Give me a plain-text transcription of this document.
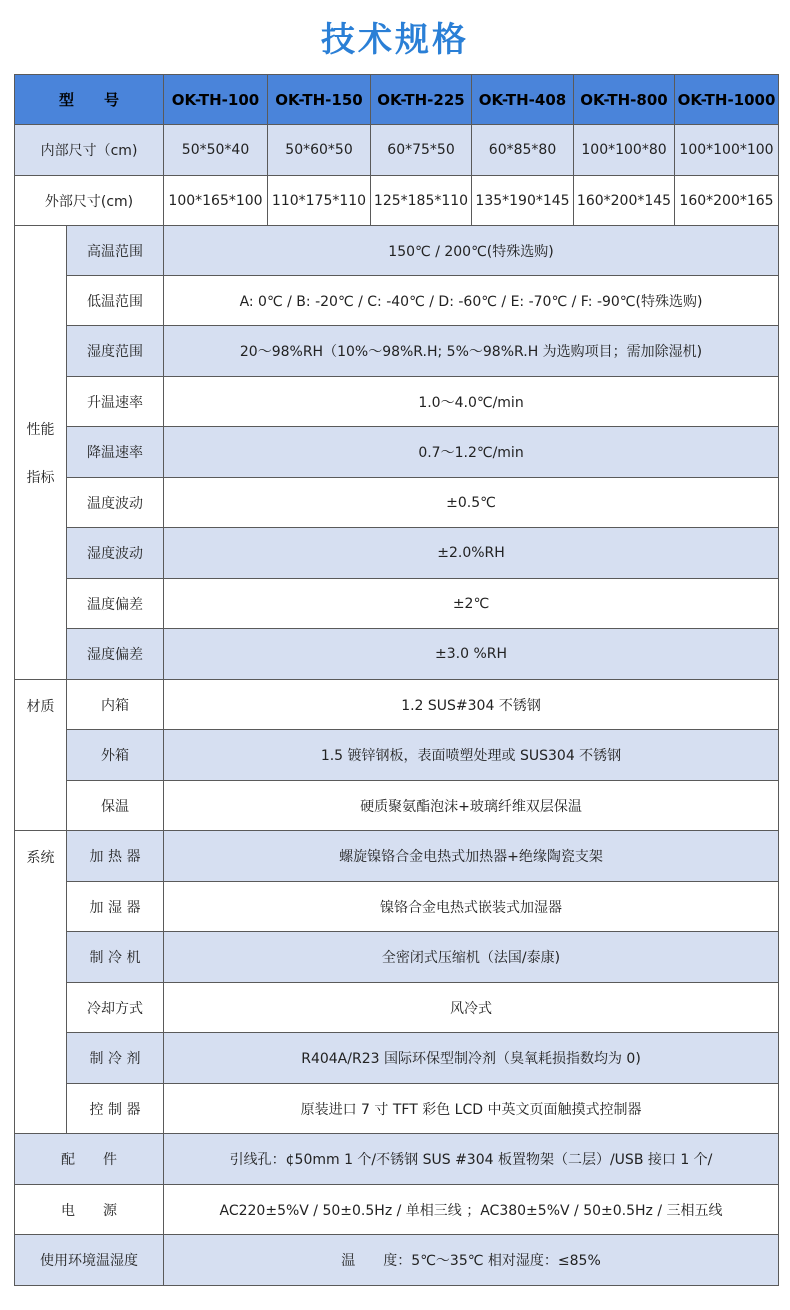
技术规格
型　　号		OK-TH-100	OK-TH-150	OK-TH-225	OK-TH-408	OK-TH-800	OK-TH-1000
内部尺寸（cm)		50*50*40	50*60*50	60*75*50	60*85*80	100*100*80	100*100*100
外部尺寸(cm)		100*165*100	110*175*110	125*185*110	135*190*145	160*200*145	160*200*165

性能
指标	高温范围	150℃ / 200℃(特殊选购)					
	低温范围	A: 0℃ / B: -20℃ / C: -40℃ / D: -60℃ / E: -70℃ / F: -90℃(特殊选购)					
	湿度范围	20～98%RH（10%～98%R.H; 5%～98%R.H 为选购项目；需加除湿机)					
	升温速率	1.0～4.0℃/min					
	降温速率	0.7～1.2℃/min					
	温度波动	±0.5℃					
	湿度波动	±2.0%RH					
	温度偏差	±2℃					
	湿度偏差	±3.0 %RH					

材质	内箱	1.2 SUS#304 不锈钢					
	外箱	1.5 镀锌钢板，表面喷塑处理或 SUS304 不锈钢					
	保温	硬质聚氨酯泡沫+玻璃纤维双层保温					

系统	加 热 器	螺旋镍铬合金电热式加热器+绝缘陶瓷支架					
	加 湿 器	镍铬合金电热式嵌装式加湿器					
	制 冷 机	全密闭式压缩机（法国/泰康)					
	冷却方式	风冷式					
	制 冷 剂	R404A/R23 国际环保型制冷剂（臭氧耗损指数均为 0)					
	控 制 器	原装进口 7 寸 TFT 彩色 LCD 中英文页面触摸式控制器					
配　　件		引线孔：¢50mm 1 个/不锈钢 SUS #304 板置物架（二层）/USB 接口 1 个/					
电　　源		AC220±5%V / 50±0.5Hz / 单相三线 ；AC380±5%V / 50±0.5Hz / 三相五线					
使用环境温湿度		温　　度：5℃～35℃ 相对湿度：≤85%					
